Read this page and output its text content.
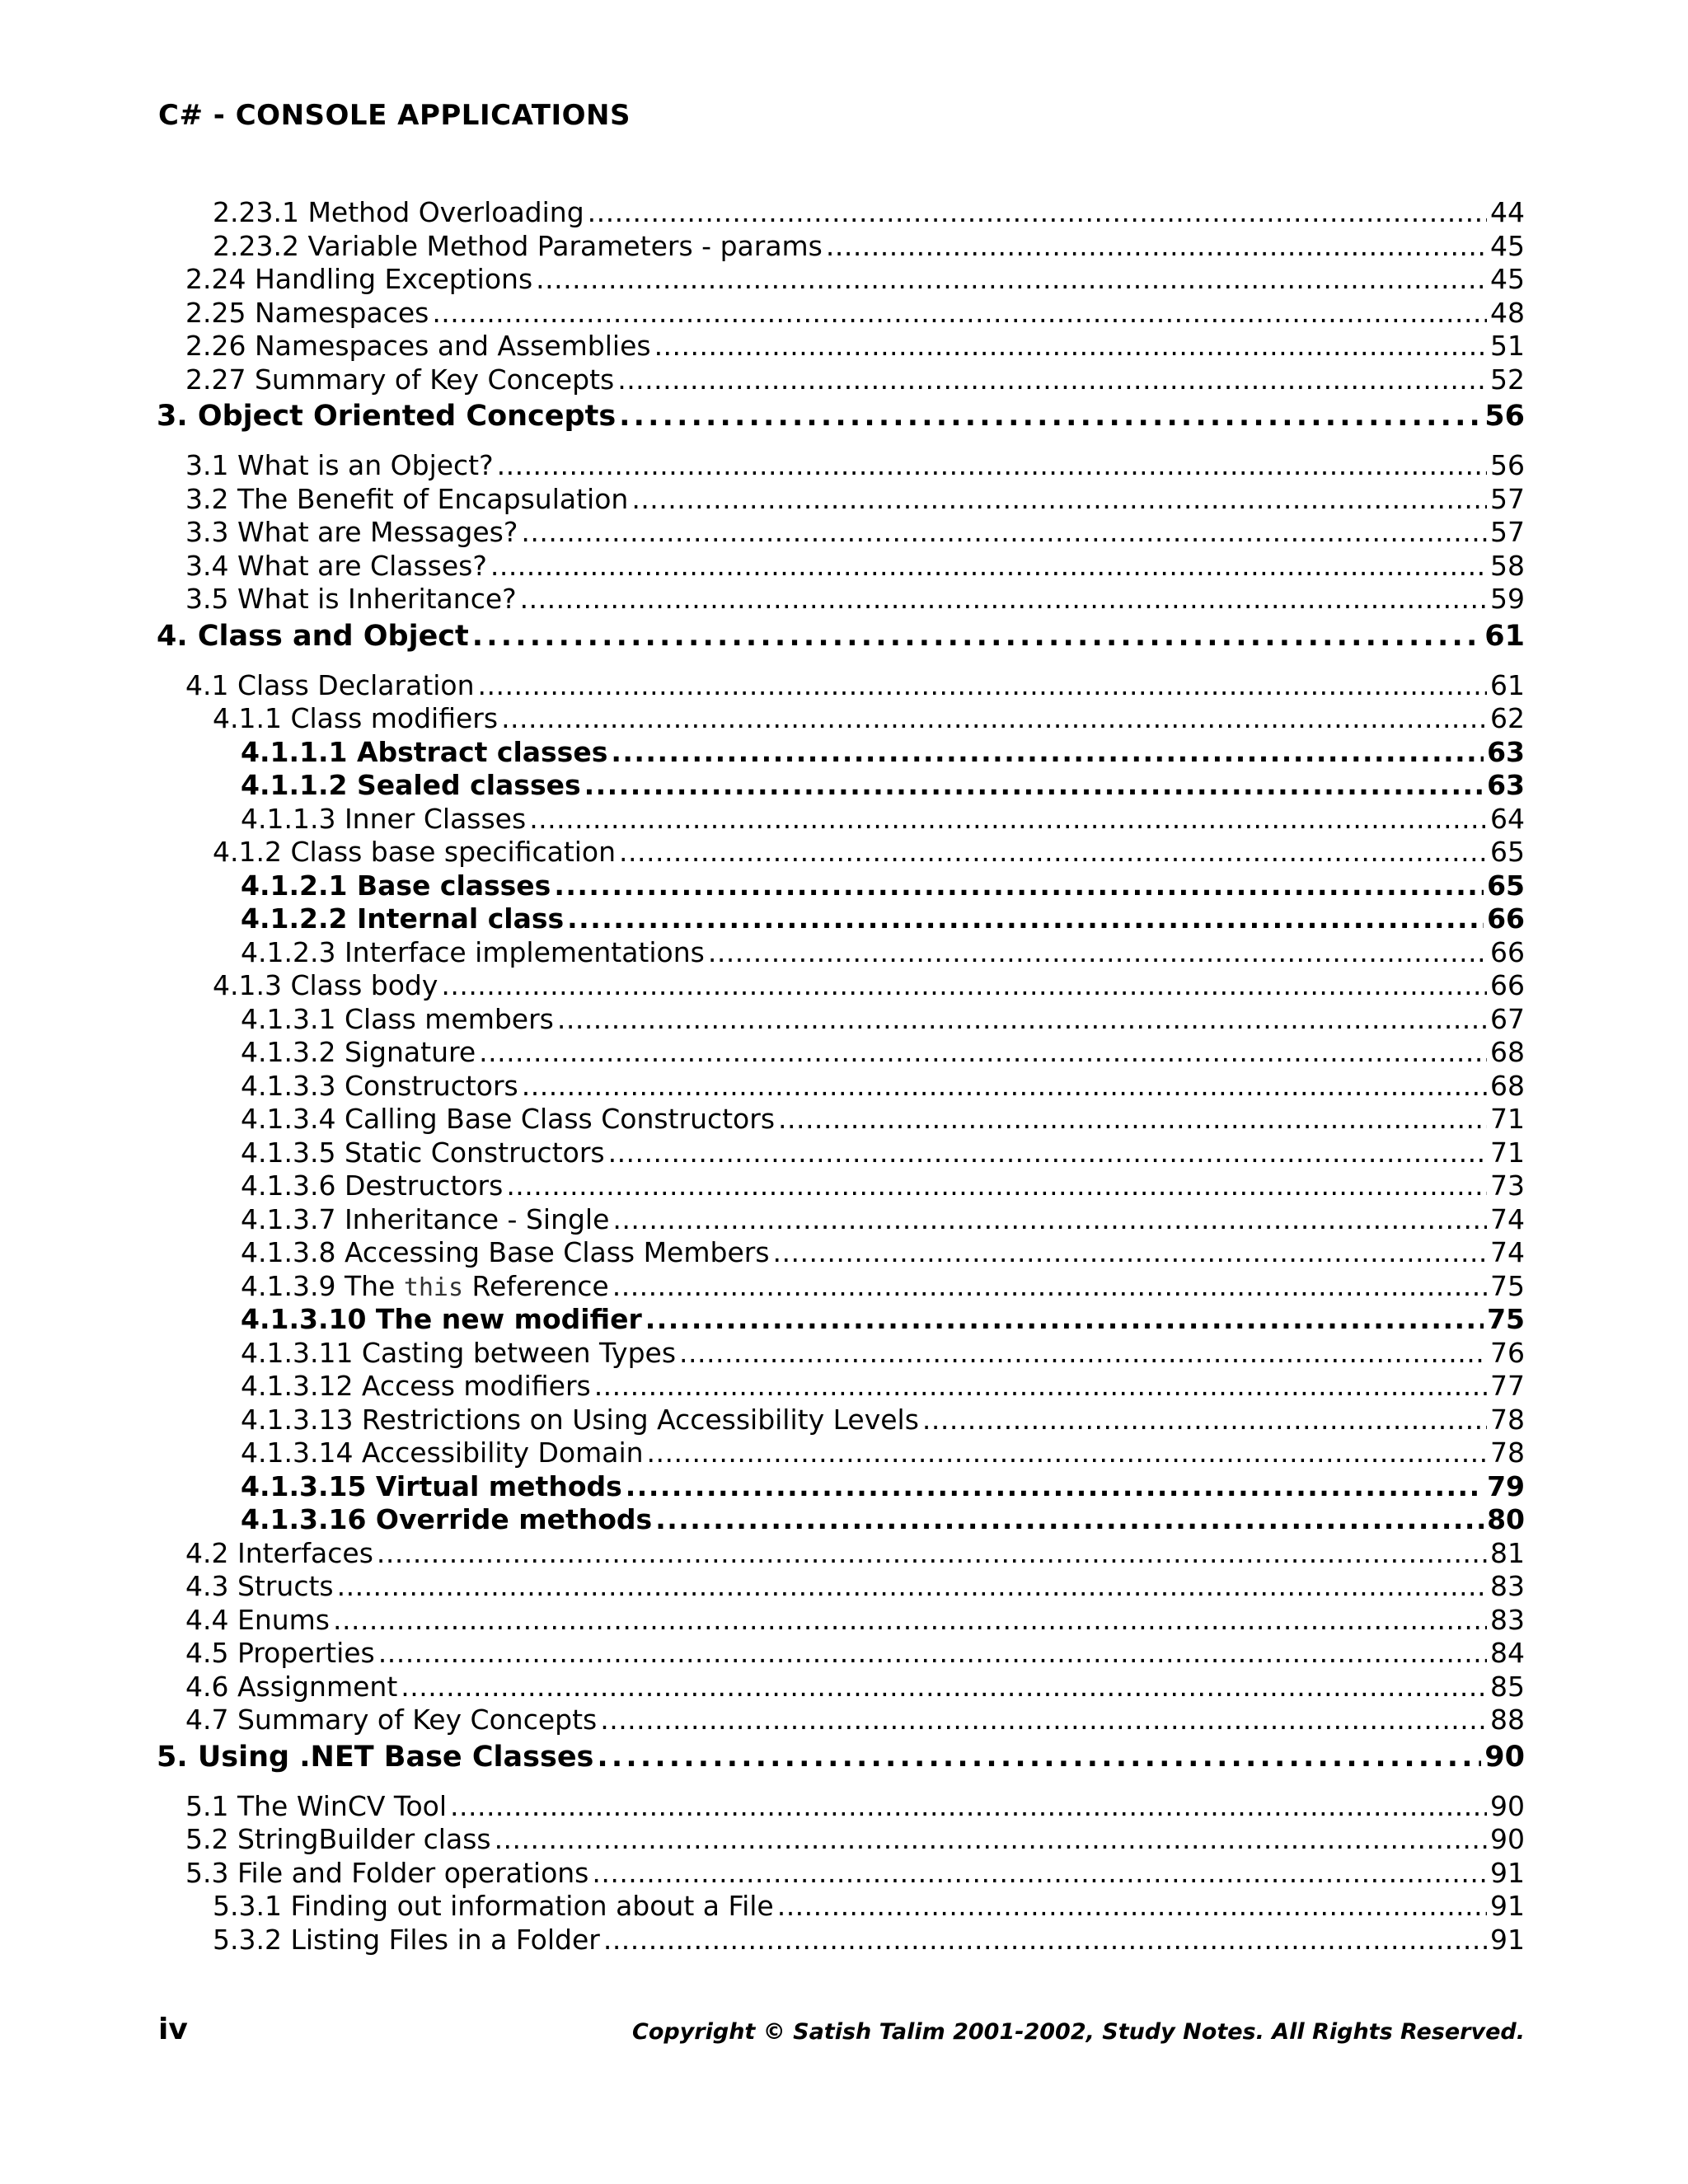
C# - CONSOLE APPLICATIONS
2.23.1 Method Overloading . . .	44
2.23.2 Variable Method Parameters - params . . .	45
2.24 Handling Exceptions . . .	45
2.25 Namespaces . . .	48
2.26 Namespaces and Assemblies . . .	51
2.27 Summary of Key Concepts . . .	52
3. Object Oriented Concepts . . .	56
3.1 What is an Object? . . .	56
3.2 The Benefit of Encapsulation . . .	57
3.3 What are Messages? . . .	57
3.4 What are Classes? . . .	58
3.5 What is Inheritance? . . .	59
4. Class and Object . . .	61
4.1 Class Declaration . . .	61
4.1.1 Class modifiers . . .	62
4.1.1.1 Abstract classes . . .	63
4.1.1.2 Sealed classes . . .	63
4.1.1.3 Inner Classes . . .	64
4.1.2 Class base specification . . .	65
4.1.2.1 Base classes . . .	65
4.1.2.2 Internal class . . .	66
4.1.2.3 Interface implementations . . .	66
4.1.3 Class body . . .	66
4.1.3.1 Class members . . .	67
4.1.3.2 Signature . . .	68
4.1.3.3 Constructors . . .	68
4.1.3.4 Calling Base Class Constructors . . .	71
4.1.3.5 Static Constructors . . .	71
4.1.3.6 Destructors . . .	73
4.1.3.7 Inheritance - Single . . .	74
4.1.3.8 Accessing Base Class Members . . .	74
4.1.3.9 The this Reference . . .	75
4.1.3.10 The new modifier . . .	75
4.1.3.11 Casting between Types . . .	76
4.1.3.12 Access modifiers . . .	77
4.1.3.13 Restrictions on Using Accessibility Levels . . .	78
4.1.3.14 Accessibility Domain . . .	78
4.1.3.15 Virtual methods . . .	79
4.1.3.16 Override methods . . .	80
4.2 Interfaces . . .	81
4.3 Structs . . .	83
4.4 Enums . . .	83
4.5 Properties . . .	84
4.6 Assignment . . .	85
4.7 Summary of Key Concepts . . .	88
5. Using .NET Base Classes . . .	90
5.1 The WinCV Tool . . .	90
5.2 StringBuilder class . . .	90
5.3 File and Folder operations . . .	91
5.3.1 Finding out information about a File . . .	91
5.3.2 Listing Files in a Folder . . .	91
iv	Copyright © Satish Talim 2001-2002, Study Notes. All Rights Reserved.
